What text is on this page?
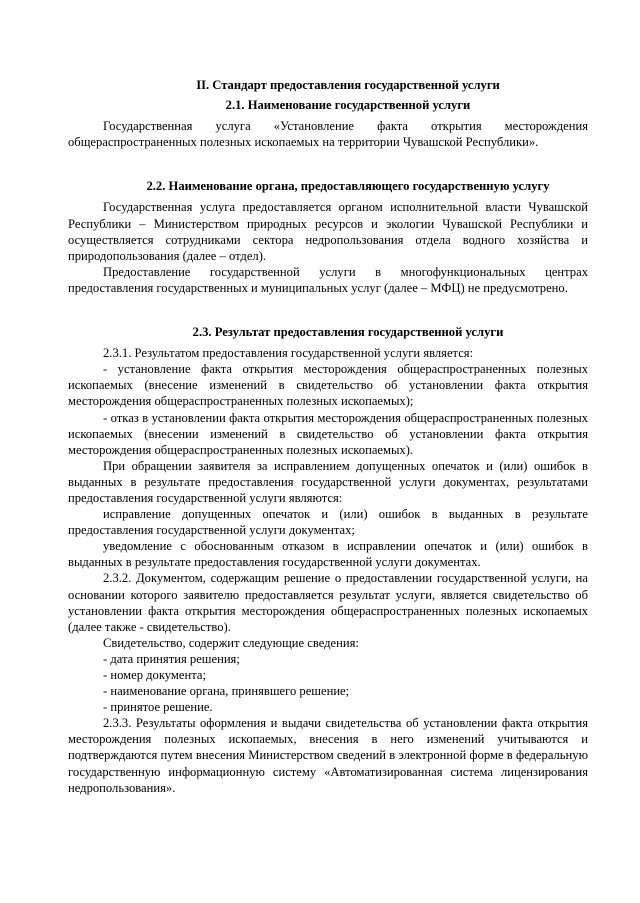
II. Стандарт предоставления государственной услуги
2.1. Наименование государственной услуги

Государственная услуга «Установление факта открытия месторождения общераспространенных полезных ископаемых на территории Чувашской Республики».

2.2. Наименование органа, предоставляющего государственную услугу

Государственная услуга предоставляется органом исполнительной власти Чувашской Республики – Министерством природных ресурсов и экологии Чувашской Республики и осуществляется сотрудниками сектора недропользования отдела водного хозяйства и природопользования (далее – отдел).

Предоставление государственной услуги в многофункциональных центрах предоставления государственных и муниципальных услуг (далее – МФЦ) не предусмотрено.

2.3. Результат предоставления государственной услуги

2.3.1. Результатом предоставления государственной услуги является:

- установление факта открытия месторождения общераспространенных полезных ископаемых (внесение изменений в свидетельство об установлении факта открытия месторождения общераспространенных полезных ископаемых);

- отказ в установлении факта открытия месторождения общераспространенных полезных ископаемых (внесении изменений в свидетельство об установлении факта открытия месторождения общераспространенных полезных ископаемых).

При обращении заявителя за исправлением допущенных опечаток и (или) ошибок в выданных в результате предоставления государственной услуги документах, результатами предоставления государственной услуги являются:

исправление допущенных опечаток и (или) ошибок в выданных в результате предоставления государственной услуги документах;

уведомление с обоснованным отказом в исправлении опечаток и (или) ошибок в выданных в результате предоставления государственной услуги документах.

2.3.2. Документом, содержащим решение о предоставлении государственной услуги, на основании которого заявителю предоставляется результат услуги, является свидетельство об установлении факта открытия месторождения общераспространенных полезных ископаемых (далее также - свидетельство).

Свидетельство, содержит следующие сведения:

- дата принятия решения;

- номер документа;

- наименование органа, принявшего решение;

- принятое решение.

2.3.3. Результаты оформления и выдачи свидетельства об установлении факта открытия месторождения полезных ископаемых, внесения в него изменений учитываются и подтверждаются путем внесения Министерством сведений в электронной форме в федеральную государственную информационную систему «Автоматизированная система лицензирования недропользования».
